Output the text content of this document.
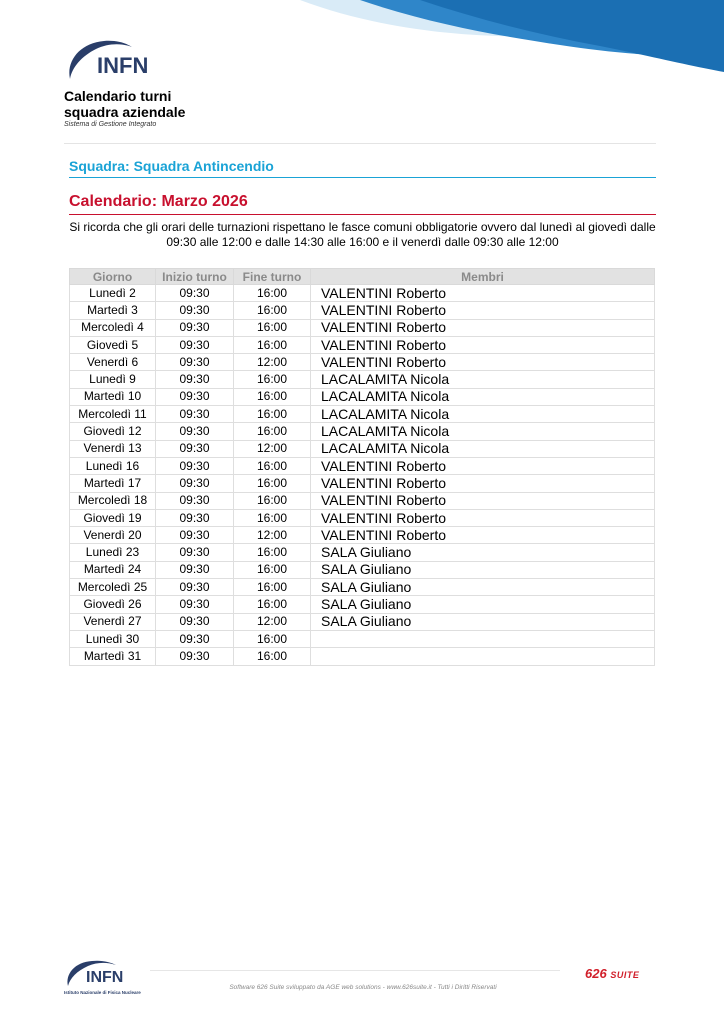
INFN
Calendario turni
squadra aziendale
Sistema di Gestione Integrato
Squadra: Squadra Antincendio
Calendario: Marzo 2026
Si ricorda che gli orari delle turnazioni rispettano le fasce comuni obbligatorie ovvero dal lunedì al giovedì dalle 09:30 alle 12:00 e dalle 14:30 alle 16:00 e il venerdì dalle 09:30 alle 12:00
Giorno	Inizio turno	Fine turno	Membri
Lunedì 2	09:30	16:00	VALENTINI Roberto
Martedì 3	09:30	16:00	VALENTINI Roberto
Mercoledì 4	09:30	16:00	VALENTINI Roberto
Giovedì 5	09:30	16:00	VALENTINI Roberto
Venerdì 6	09:30	12:00	VALENTINI Roberto
Lunedì 9	09:30	16:00	LACALAMITA Nicola
Martedì 10	09:30	16:00	LACALAMITA Nicola
Mercoledì 11	09:30	16:00	LACALAMITA Nicola
Giovedì 12	09:30	16:00	LACALAMITA Nicola
Venerdì 13	09:30	12:00	LACALAMITA Nicola
Lunedì 16	09:30	16:00	VALENTINI Roberto
Martedì 17	09:30	16:00	VALENTINI Roberto
Mercoledì 18	09:30	16:00	VALENTINI Roberto
Giovedì 19	09:30	16:00	VALENTINI Roberto
Venerdì 20	09:30	12:00	VALENTINI Roberto
Lunedì 23	09:30	16:00	SALA Giuliano
Martedì 24	09:30	16:00	SALA Giuliano
Mercoledì 25	09:30	16:00	SALA Giuliano
Giovedì 26	09:30	16:00	SALA Giuliano
Venerdì 27	09:30	12:00	SALA Giuliano
Lunedì 30	09:30	16:00	
Martedì 31	09:30	16:00	
INFN
Istituto Nazionale di Fisica Nucleare
Software 626 Suite sviluppato da AGE web solutions - www.626suite.it - Tutti i Diritti Riservati
626 SUITE
